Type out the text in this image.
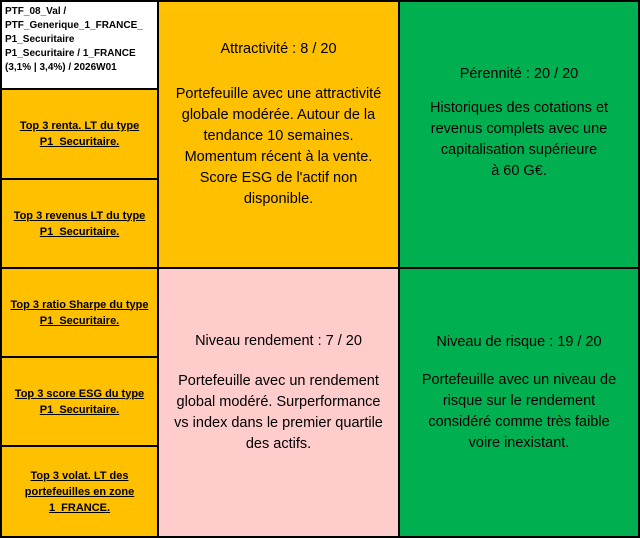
PTF_08_Val /
PTF_Generique_1_FRANCE_
P1_Securitaire
P1_Securitaire / 1_FRANCE
(3,1% | 3,4%) / 2026W01
Top 3 renta. LT du type P1_Securitaire.
Top 3 revenus LT du type P1_Securitaire.
Top 3 ratio Sharpe du type P1_Securitaire.
Top 3 score ESG du type P1_Securitaire.
Top 3 volat. LT des portefeuilles en zone 1_FRANCE.
Attractivité : 8 / 20
Portefeuille avec une attractivité
globale modérée. Autour de la
tendance 10 semaines.
Momentum récent à la vente.
Score ESG de l'actif non
disponible.
Pérennité : 20 / 20
Historiques des cotations et
revenus complets avec une
capitalisation supérieure
à 60 G€.
Niveau rendement : 7 / 20
Portefeuille avec un rendement
global modéré. Surperformance
vs index dans le premier quartile
des actifs.
Niveau de risque : 19 / 20
Portefeuille avec un niveau de
risque sur le rendement
considéré comme très faible
voire inexistant.
